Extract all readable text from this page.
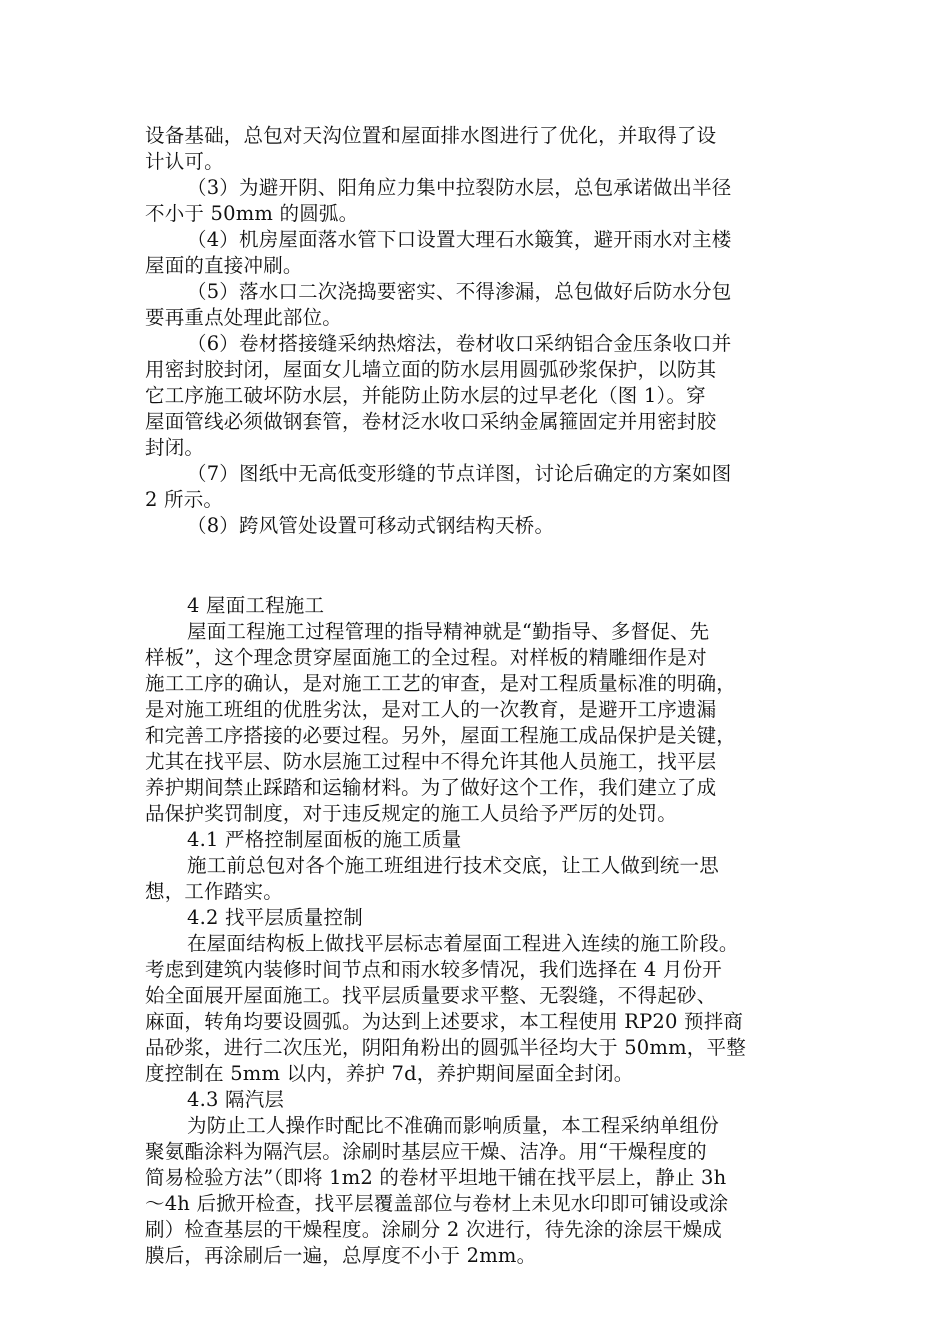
设备基础，总包对天沟位置和屋面排水图进行了优化，并取得了设
计认可。
（3）为避开阴、阳角应力集中拉裂防水层，总包承诺做出半径
不小于 50mm 的圆弧。
（4）机房屋面落水管下口设置大理石水簸箕，避开雨水对主楼
屋面的直接冲刷。
（5）落水口二次浇捣要密实、不得渗漏，总包做好后防水分包
要再重点处理此部位。
（6）卷材搭接缝采纳热熔法，卷材收口采纳铝合金压条收口并
用密封胶封闭，屋面女儿墙立面的防水层用圆弧砂浆保护，以防其
它工序施工破坏防水层，并能防止防水层的过早老化（图 1）。穿
屋面管线必须做钢套管，卷材泛水收口采纳金属箍固定并用密封胶
封闭。
（7）图纸中无高低变形缝的节点详图，讨论后确定的方案如图
2 所示。
（8）跨风管处设置可移动式钢结构天桥。
4 屋面工程施工
屋面工程施工过程管理的指导精神就是“勤指导、多督促、先
样板”，这个理念贯穿屋面施工的全过程。对样板的精雕细作是对
施工工序的确认，是对施工工艺的审查，是对工程质量标准的明确，
是对施工班组的优胜劣汰，是对工人的一次教育，是避开工序遗漏
和完善工序搭接的必要过程。另外，屋面工程施工成品保护是关键，
尤其在找平层、防水层施工过程中不得允许其他人员施工，找平层
养护期间禁止踩踏和运输材料。为了做好这个工作，我们建立了成
品保护奖罚制度，对于违反规定的施工人员给予严厉的处罚。
4.1 严格控制屋面板的施工质量
施工前总包对各个施工班组进行技术交底，让工人做到统一思
想，工作踏实。
4.2 找平层质量控制
在屋面结构板上做找平层标志着屋面工程进入连续的施工阶段。
考虑到建筑内装修时间节点和雨水较多情况，我们选择在 4 月份开
始全面展开屋面施工。找平层质量要求平整、无裂缝，不得起砂、
麻面，转角均要设圆弧。为达到上述要求，本工程使用 RP20 预拌商
品砂浆，进行二次压光，阴阳角粉出的圆弧半径均大于 50mm，平整
度控制在 5mm 以内，养护 7d，养护期间屋面全封闭。
4.3 隔汽层
为防止工人操作时配比不准确而影响质量，本工程采纳单组份
聚氨酯涂料为隔汽层。涂刷时基层应干燥、洁净。用“干燥程度的
简易检验方法”（即将 1m2 的卷材平坦地干铺在找平层上，静止 3h
～4h 后掀开检查，找平层覆盖部位与卷材上未见水印即可铺设或涂
刷）检查基层的干燥程度。涂刷分 2 次进行，待先涂的涂层干燥成
膜后，再涂刷后一遍，总厚度不小于 2mm。
